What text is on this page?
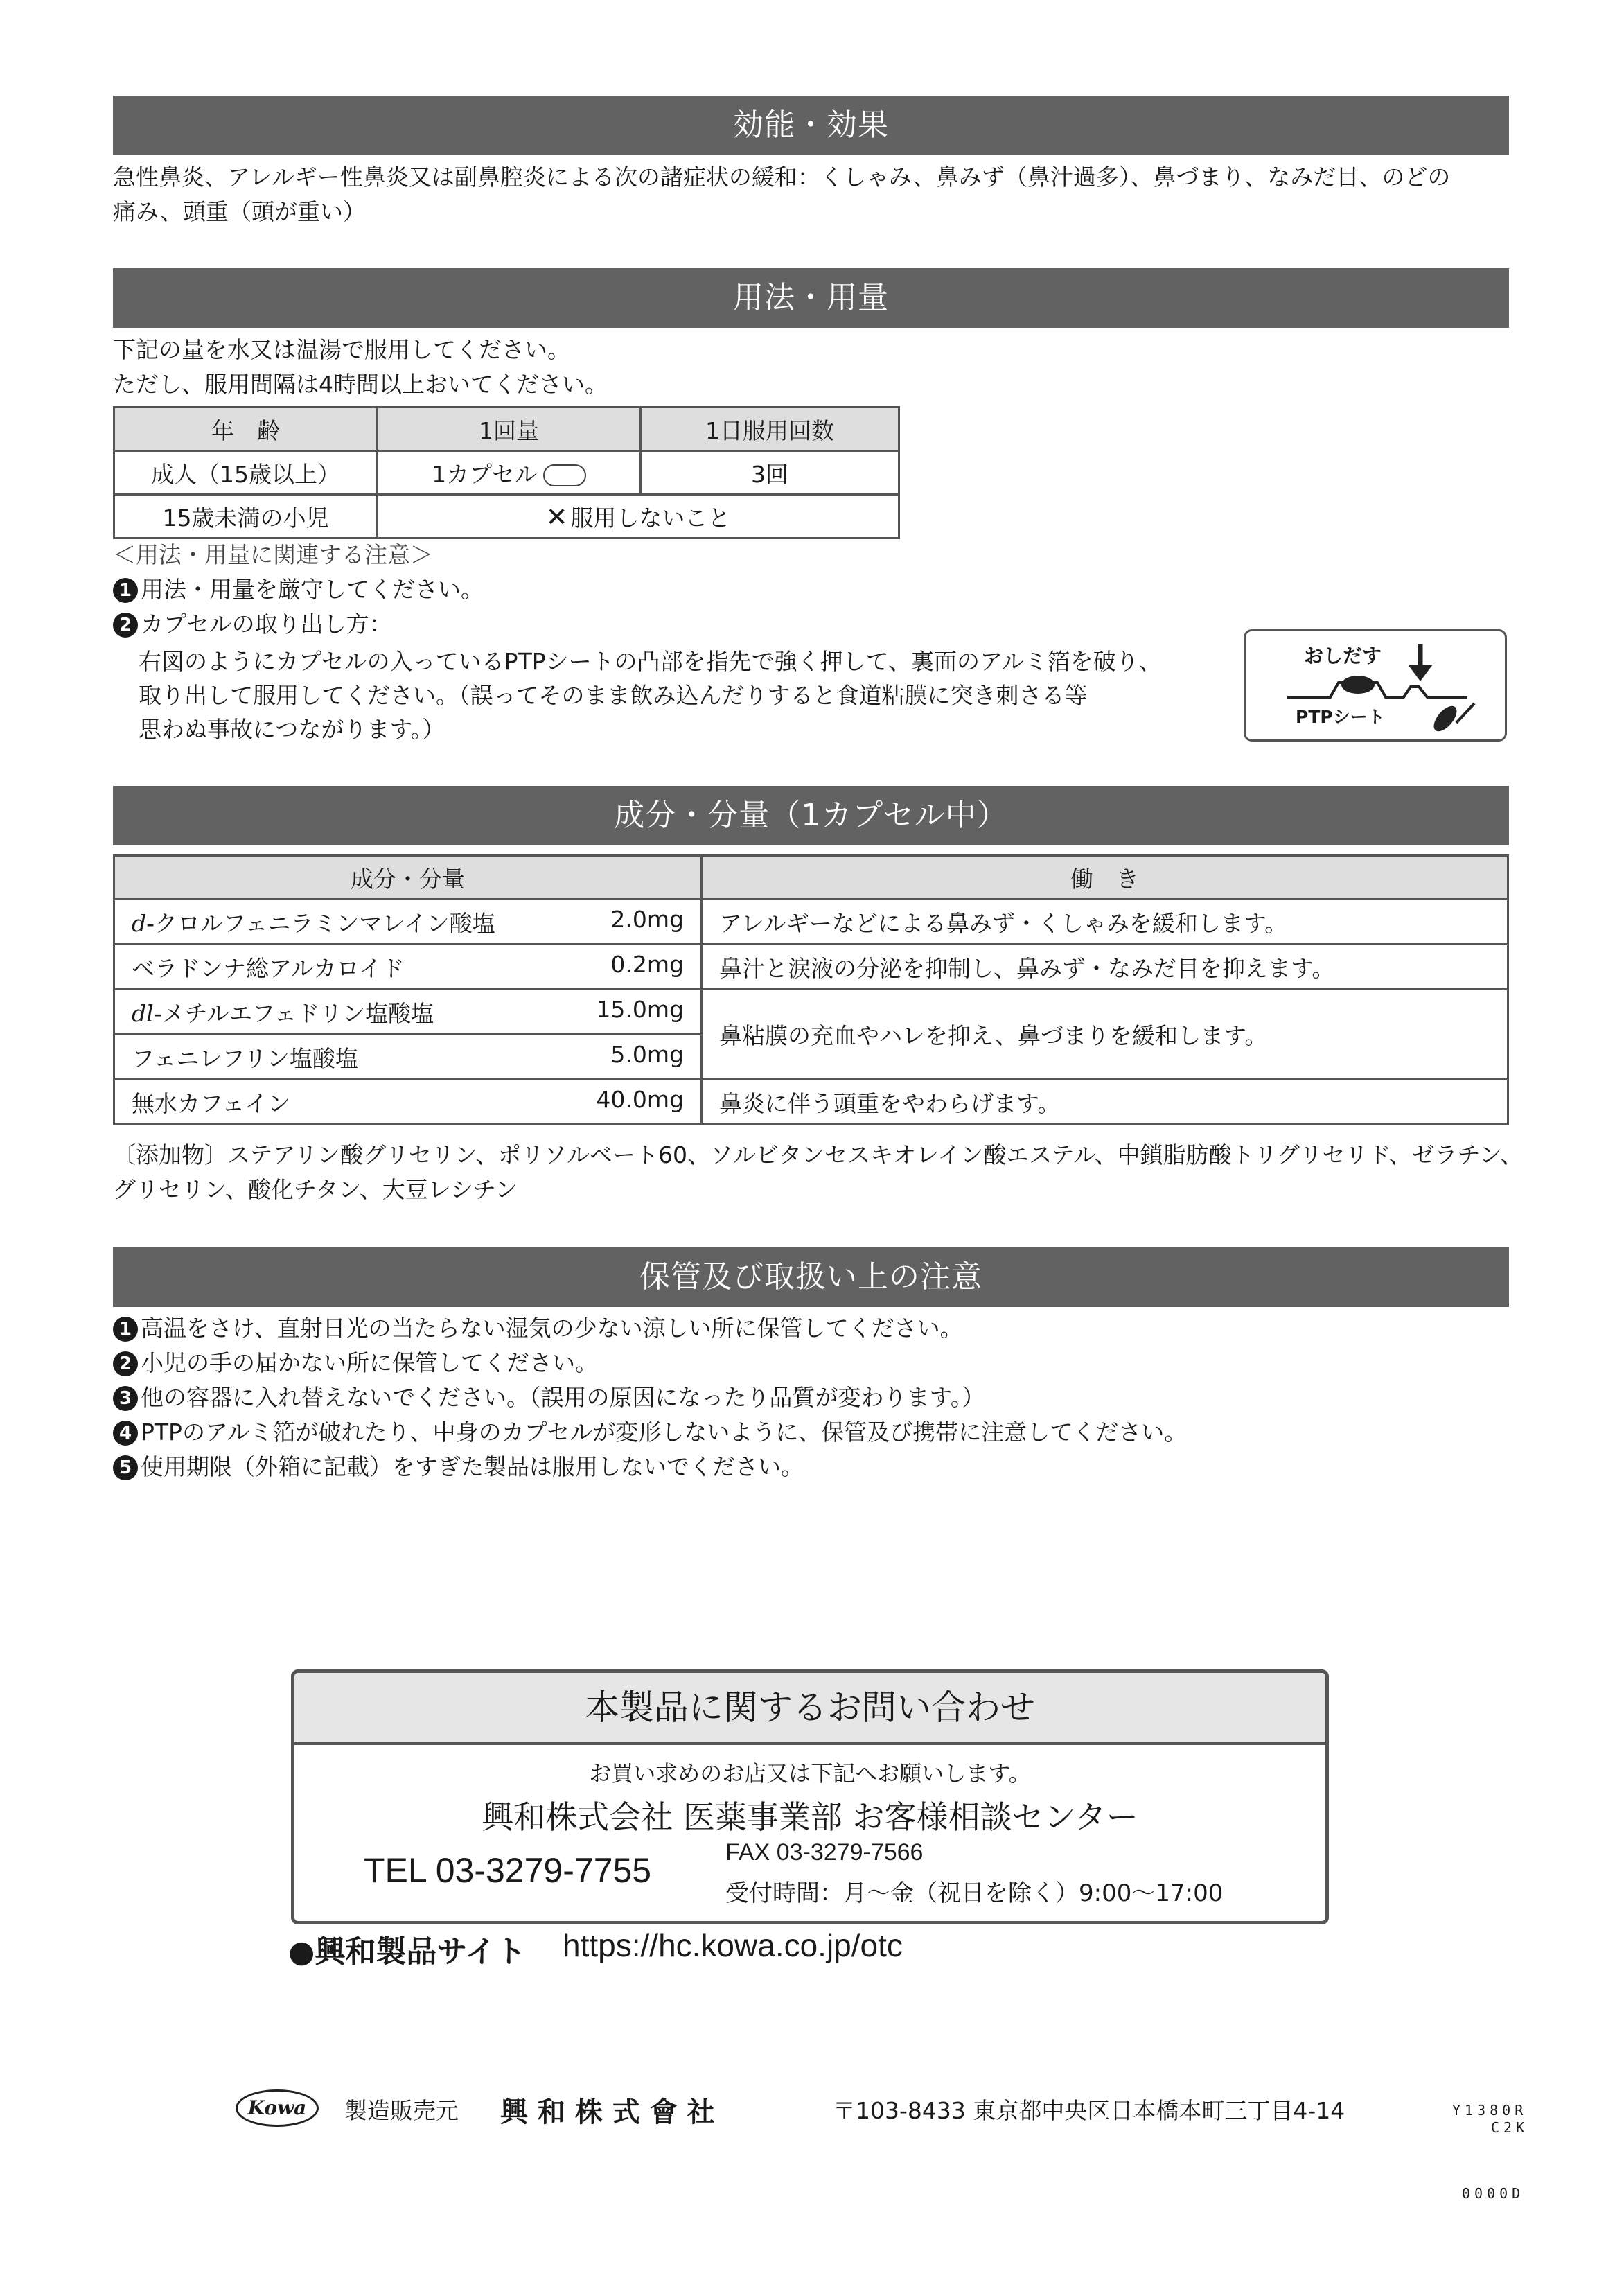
効能・効果
急性鼻炎、アレルギー性鼻炎又は副鼻腔炎による次の諸症状の緩和：くしゃみ、鼻みず（鼻汁過多）、鼻づまり、なみだ目、のどの
痛み、頭重（頭が重い）
用法・用量
下記の量を水又は温湯で服用してください。
ただし、服用間隔は4時間以上おいてください。
年　齢	1回量	1日服用回数
成人（15歳以上）	1カプセル	3回
15歳未満の小児	✕ 服用しないこと	
＜用法・用量に関連する注意＞
1 用法・用量を厳守してください。
2 カプセルの取り出し方：
右図のようにカプセルの入っているPTPシートの凸部を指先で強く押して、裏面のアルミ箔を破り、
取り出して服用してください。（誤ってそのまま飲み込んだりすると食道粘膜に突き刺さる等
思わぬ事故につながります。）
おしだす
PTPシート
成分・分量（1カプセル中）
成分・分量	働　き
d-クロルフェニラミンマレイン酸塩 2.0mg	アレルギーなどによる鼻みず・くしゃみを緩和します。
ベラドンナ総アルカロイド 0.2mg	鼻汁と涙液の分泌を抑制し、鼻みず・なみだ目を抑えます。
dl-メチルエフェドリン塩酸塩 15.0mg	鼻粘膜の充血やハレを抑え、鼻づまりを緩和します。
フェニレフリン塩酸塩 5.0mg	

無水カフェイン 40.0mg	鼻炎に伴う頭重をやわらげます。
〔添加物〕ステアリン酸グリセリン、ポリソルベート60、ソルビタンセスキオレイン酸エステル、中鎖脂肪酸トリグリセリド、ゼラチン、
グリセリン、酸化チタン、大豆レシチン
保管及び取扱い上の注意
1 高温をさけ、直射日光の当たらない湿気の少ない涼しい所に保管してください。
2 小児の手の届かない所に保管してください。
3 他の容器に入れ替えないでください。（誤用の原因になったり品質が変わります。）
4 PTPのアルミ箔が破れたり、中身のカプセルが変形しないように、保管及び携帯に注意してください。
5 使用期限（外箱に記載）をすぎた製品は服用しないでください。
本製品に関するお問い合わせ
お買い求めのお店又は下記へお願いします。
興和株式会社 医薬事業部 お客様相談センター
TEL 03-3279-7755	FAX 03-3279-7566
受付時間：月〜金（祝日を除く）9:00〜17:00
●興和製品サイト https://hc.kowa.co.jp/otc
Kowa	製造販売元 興 和 株 式 會 社	〒103-8433 東京都中央区日本橋本町三丁目4-14	Y1380R
C2K
0000D
